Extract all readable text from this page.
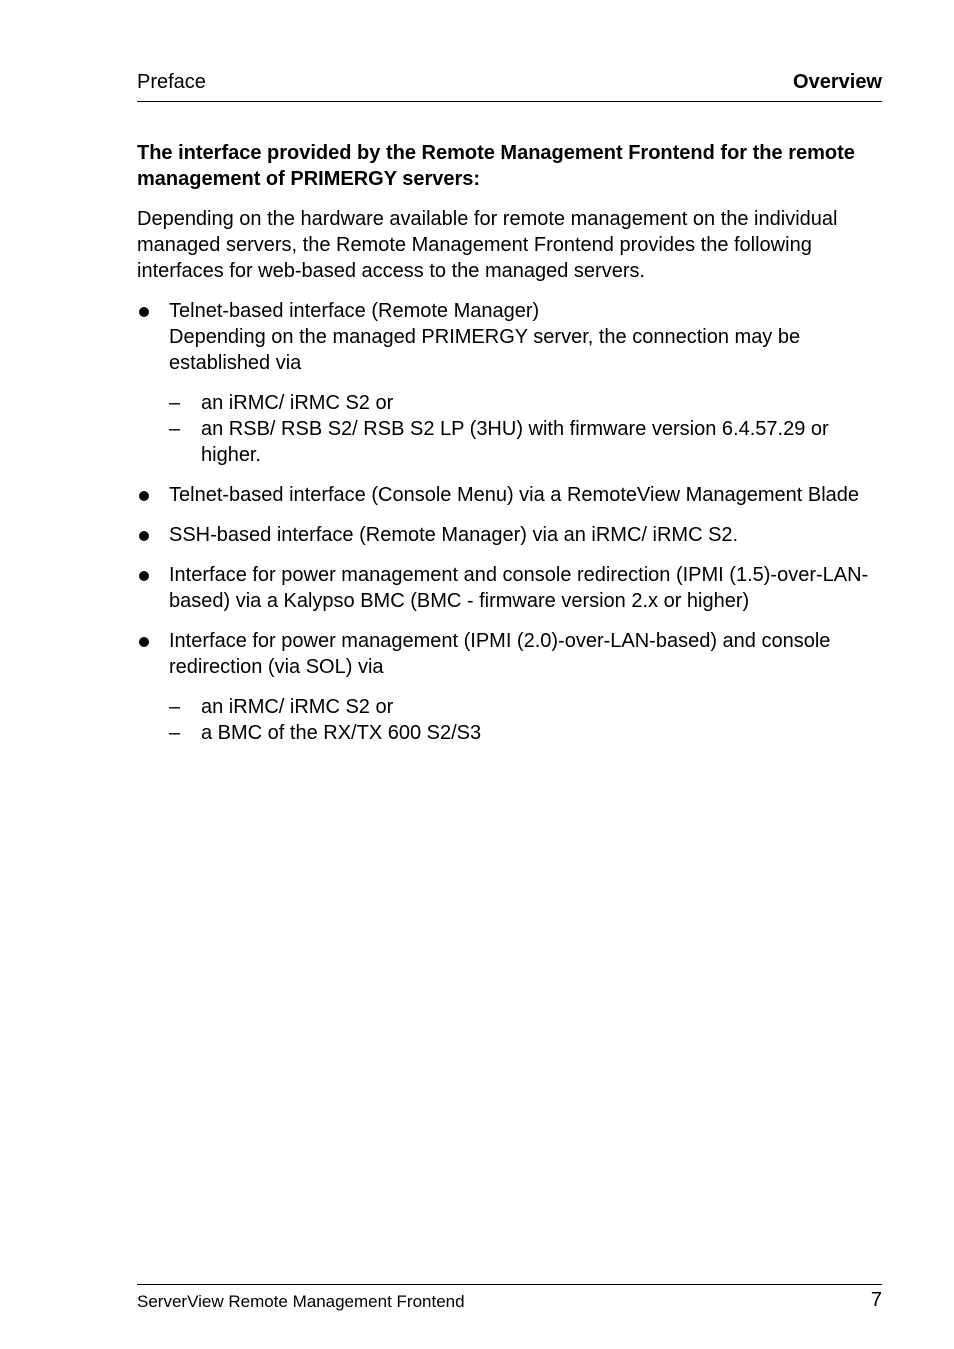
Preface	Overview

The interface provided by the Remote Management Frontend for the remote management of PRIMERGY servers:

Depending on the hardware available for remote management on the individual managed servers, the Remote Management Frontend provides the following interfaces for web-based access to the managed servers.

Telnet-based interface (Remote Manager)
Depending on the managed PRIMERGY server, the connection may be established via
– an iRMC/ iRMC S2 or
– an RSB/ RSB S2/ RSB S2 LP (3HU) with firmware version 6.4.57.29 or higher.
Telnet-based interface (Console Menu) via a RemoteView Management Blade
SSH-based interface (Remote Manager) via an iRMC/ iRMC S2.
Interface for power management and console redirection (IPMI (1.5)-over-LAN-based) via a Kalypso BMC (BMC - firmware version 2.x or higher)
Interface for power management (IPMI (2.0)-over-LAN-based) and console redirection (via SOL) via
– an iRMC/ iRMC S2 or
– a BMC of the RX/TX 600 S2/S3
ServerView Remote Management Frontend	7
